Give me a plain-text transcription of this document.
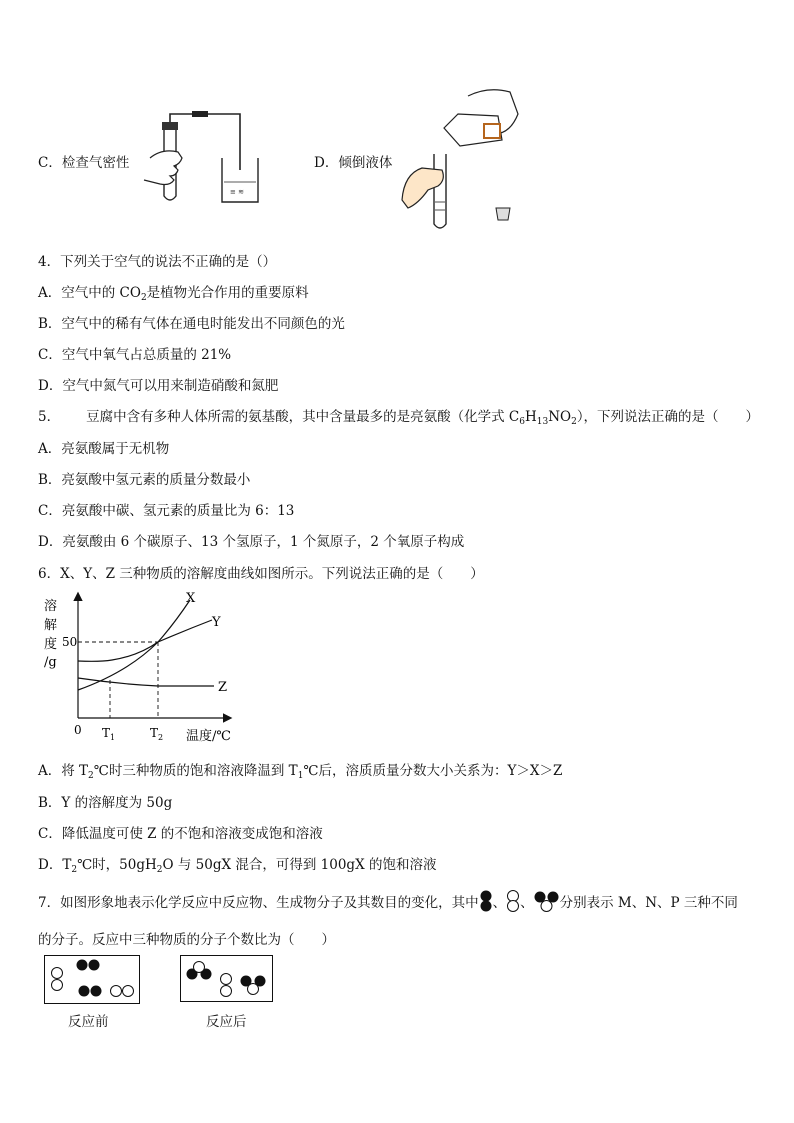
C．检查气密性
≡ ≋
D．倾倒液体
4．下列关于空气的说法不正确的是（）
A．空气中的 $CO_2$是植物光合作用的重要原料
B．空气中的稀有气体在通电时能发出不同颜色的光
C．空气中氧气占总质量的 21%
D．空气中氮气可以用来制造硝酸和氮肥
5． 豆腐中含有多种人体所需的氨基酸，其中含量最多的是亮氨酸（化学式 $C_6H_{13}NO_2$），下列说法正确的是（　　）
A．亮氨酸属于无机物
B．亮氨酸中氢元素的质量分数最小
C．亮氨酸中碳、氢元素的质量比为 6：13
D．亮氨酸由 6 个碳原子、13 个氢原子，1 个氮原子，2 个氧原子构成
6．X、Y、Z 三种物质的溶解度曲线如图所示。下列说法正确的是（　　）
溶
解
度
/g
50
0 $T_1$	$T_2$ 温度/℃
X
Y
Z
A．将 $T_2℃$时三种物质的饱和溶液降温到 $T_1℃$后，溶质质量分数大小关系为：Y＞X＞Z
B．Y 的溶解度为 50g
C．降低温度可使 Z 的不饱和溶液变成饱和溶液
D．$T_2℃$时，$50gH_2O$ 与 50gX 混合，可得到 100gX 的饱和溶液
7．如图形象地表示化学反应中反应物、生成物分子及其数目的变化，其中 、 、 分别表示 M、N、P 三种不同
的分子。反应中三种物质的分子个数比为（　　）
反应前	反应后
